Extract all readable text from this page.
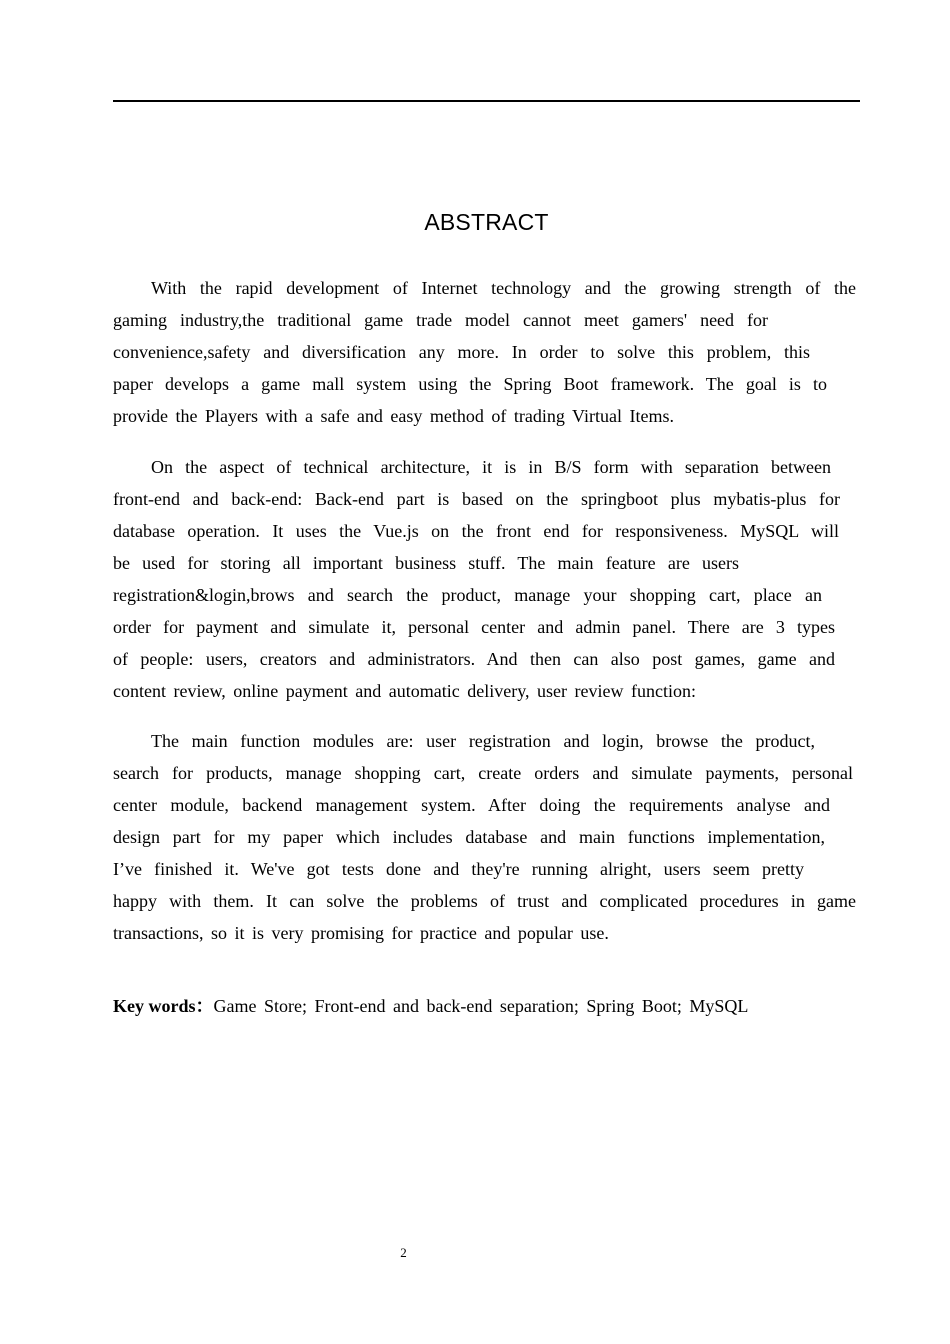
ABSTRACT
With the rapid development of Internet technology and the growing strength of the
gaming industry,the traditional game trade model cannot meet gamers' need for
convenience,safety and diversification any more. In order to solve this problem, this
paper develops a game mall system using the Spring Boot framework. The goal is to
provide the Players with a safe and easy method of trading Virtual Items.
On the aspect of technical architecture, it is in B/S form with separation between
front-end and back-end: Back-end part is based on the springboot plus mybatis-plus for
database operation. It uses the Vue.js on the front end for responsiveness. MySQL will
be used for storing all important business stuff. The main feature are users
registration&login,brows and search the product, manage your shopping cart, place an
order for payment and simulate it, personal center and admin panel. There are 3 types
of people: users, creators and administrators. And then can also post games, game and
content review, online payment and automatic delivery, user review function:
The main function modules are: user registration and login, browse the product,
search for products, manage shopping cart, create orders and simulate payments, personal
center module, backend management system. After doing the requirements analyse and
design part for my paper which includes database and main functions implementation,
I’ve finished it. We've got tests done and they're running alright, users seem pretty
happy with them. It can solve the problems of trust and complicated procedures in game
transactions, so it is very promising for practice and popular use.
Key words：Game Store; Front-end and back-end separation; Spring Boot; MySQL
2
